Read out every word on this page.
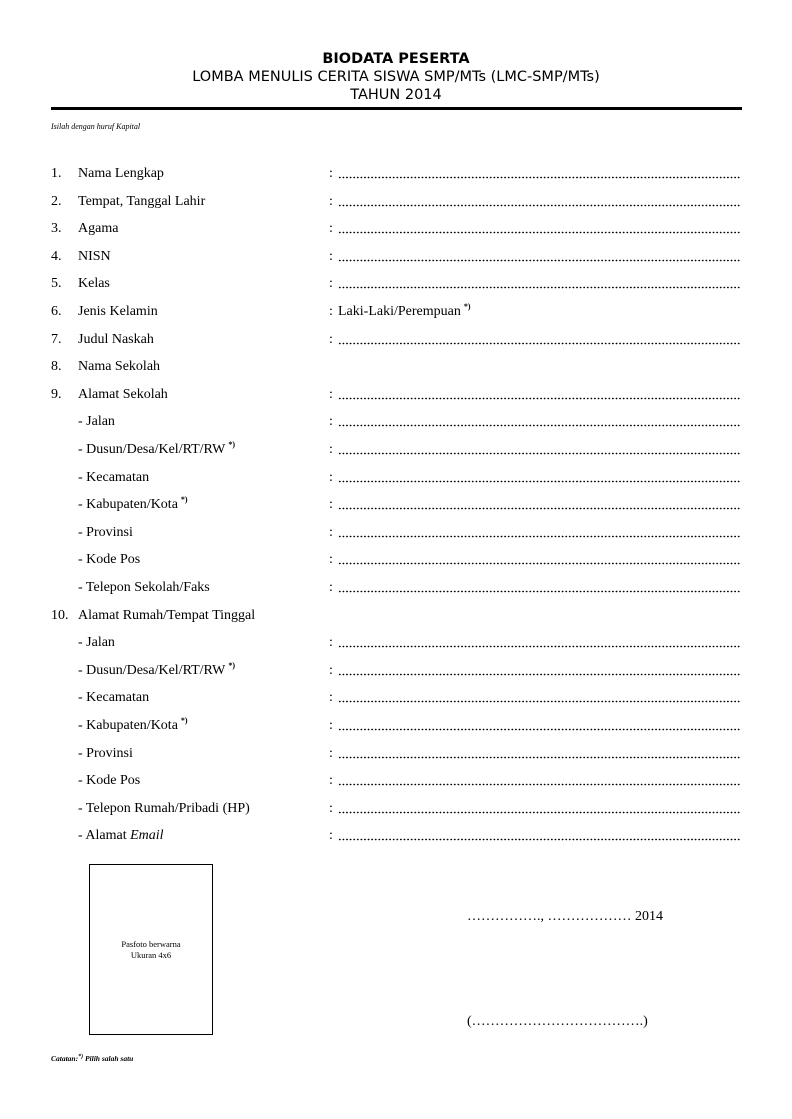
BIODATA PESERTA
LOMBA MENULIS CERITA SISWA SMP/MTs (LMC-SMP/MTs)
TAHUN 2014
Isilah dengan huruf Kapital
1. Nama Lengkap	:
2. Tempat, Tanggal Lahir	:
3. Agama	:
4. NISN	:
5. Kelas	:
6. Jenis Kelamin	: Laki-Laki/Perempuan *)
7. Judul Naskah	:
8. Nama Sekolah
9. Alamat Sekolah	:
- Jalan	:
- Dusun/Desa/Kel/RT/RW *)	:
- Kecamatan	:
- Kabupaten/Kota *)	:
- Provinsi	:
- Kode Pos	:
- Telepon Sekolah/Faks	:
10. Alamat Rumah/Tempat Tinggal
- Jalan	:
- Dusun/Desa/Kel/RT/RW *)	:
- Kecamatan	:
- Kabupaten/Kota *)	:
- Provinsi	:
- Kode Pos	:
- Telepon Rumah/Pribadi (HP)	:
- Alamat Email	:
Pasfoto berwarna
Ukuran 4x6
……………., ……………… 2014
(……………………………….)
Catatan:*) Pilih salah satu
